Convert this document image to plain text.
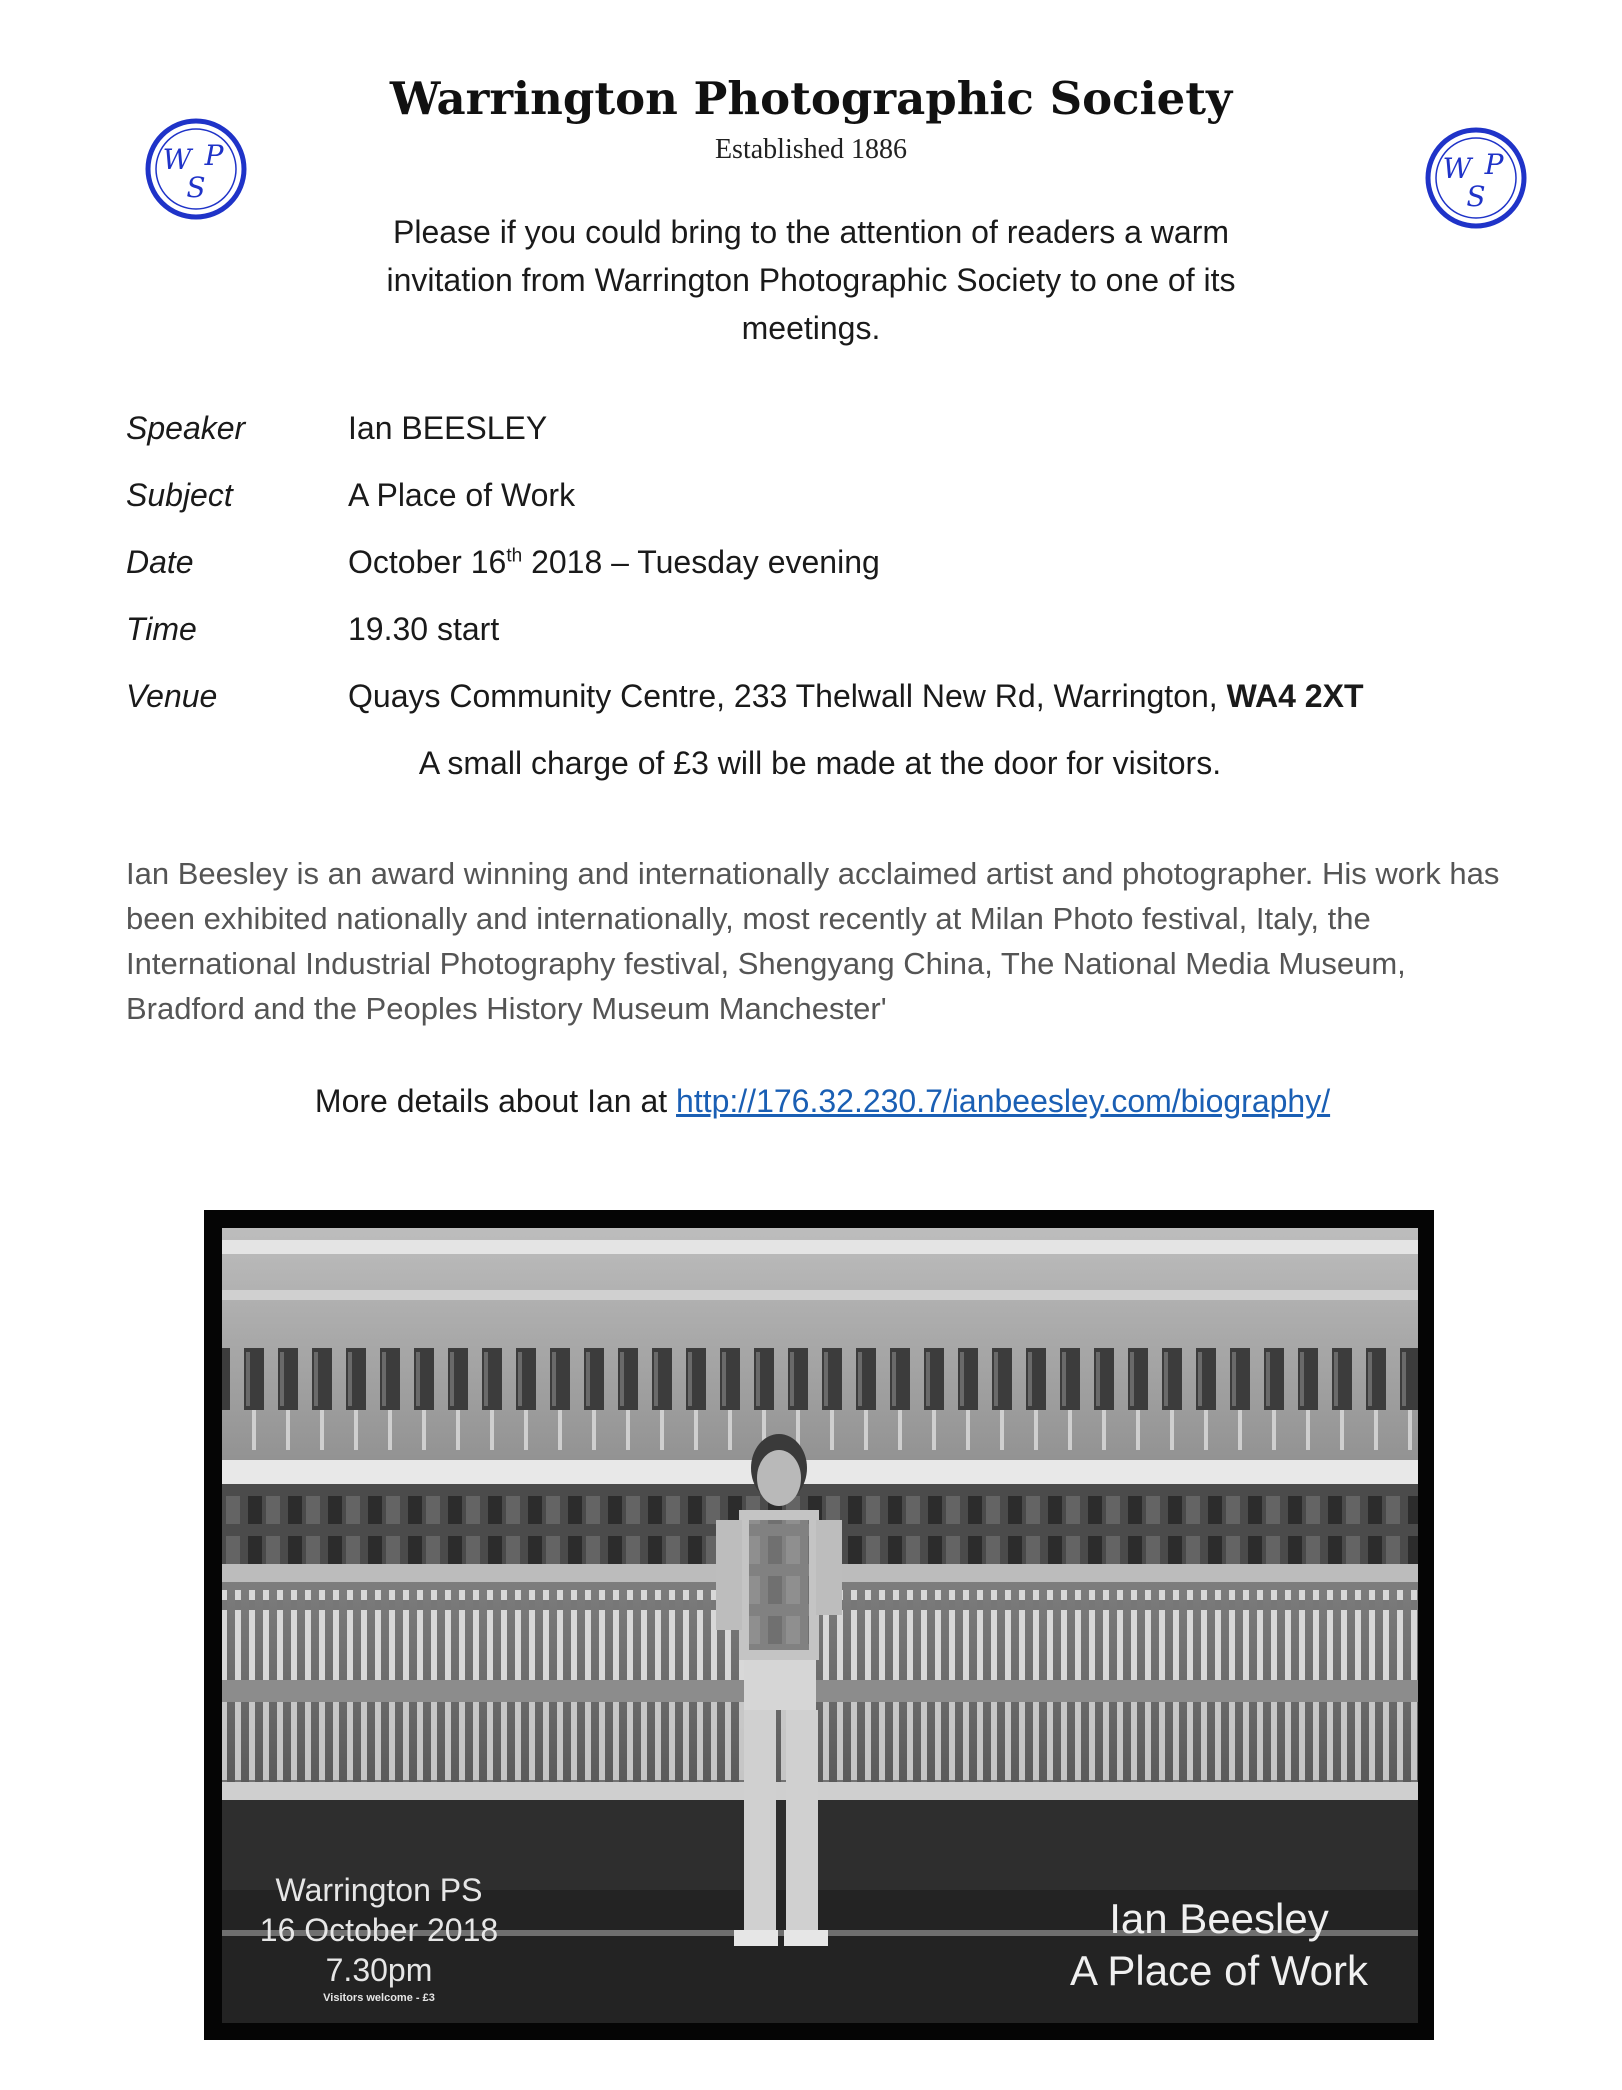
W P
S
W P
S
Warrington Photographic Society
Established 1886
Please if you could bring to the attention of readers a warm invitation from Warrington Photographic Society to one of its meetings.
Speaker	Ian BEESLEY
Subject	A Place of Work
Date	October 16th 2018 – Tuesday evening
Time	19.30 start
Venue	Quays Community Centre, 233 Thelwall New Rd, Warrington, WA4 2XT
A small charge of £3 will be made at the door for visitors.
Ian Beesley is an award winning and internationally acclaimed artist and photographer. His work has been exhibited nationally and internationally, most recently at Milan Photo festival, Italy, the International Industrial Photography festival, Shengyang China, The National Media Museum, Bradford and the Peoples History Museum Manchester'
More details about Ian at http://176.32.230.7/ianbeesley.com/biography/
Warrington PS
16 October 2018
7.30pm
Visitors welcome - £3
Ian Beesley
A Place of Work
